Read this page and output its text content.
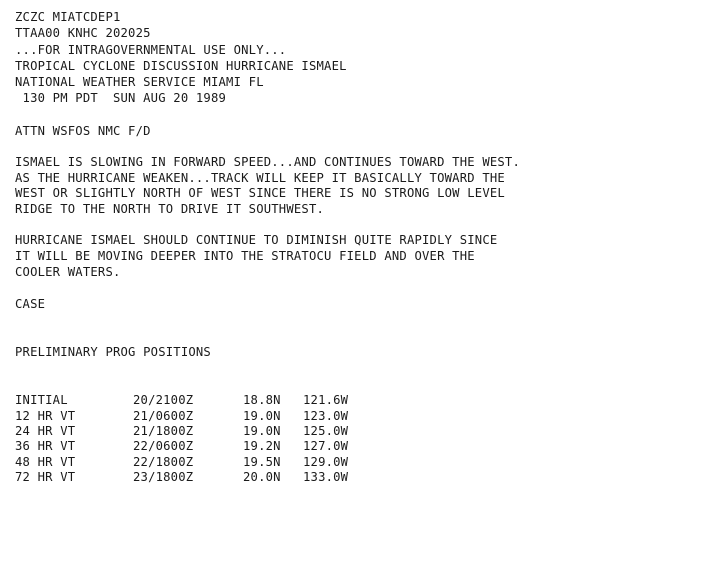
ZCZC MIATCDEP1
TTAA00 KNHC 202025
...FOR INTRAGOVERNMENTAL USE ONLY...
TROPICAL CYCLONE DISCUSSION HURRICANE ISMAEL
NATIONAL WEATHER SERVICE MIAMI FL
130 PM PDT  SUN AUG 20 1989
ATTN WSFOS NMC F/D
ISMAEL IS SLOWING IN FORWARD SPEED...AND CONTINUES TOWARD THE WEST.
AS THE HURRICANE WEAKEN...TRACK WILL KEEP IT BASICALLY TOWARD THE
WEST OR SLIGHTLY NORTH OF WEST SINCE THERE IS NO STRONG LOW LEVEL
RIDGE TO THE NORTH TO DRIVE IT SOUTHWEST.
HURRICANE ISMAEL SHOULD CONTINUE TO DIMINISH QUITE RAPIDLY SINCE
IT WILL BE MOVING DEEPER INTO THE STRATOCU FIELD AND OVER THE
COOLER WATERS.
CASE
PRELIMINARY PROG POSITIONS
INITIAL	20/2100Z	18.8N	121.6W
12 HR VT	21/0600Z	19.0N	123.0W
24 HR VT	21/1800Z	19.0N	125.0W
36 HR VT	22/0600Z	19.2N	127.0W
48 HR VT	22/1800Z	19.5N	129.0W
72 HR VT	23/1800Z	20.0N	133.0W
